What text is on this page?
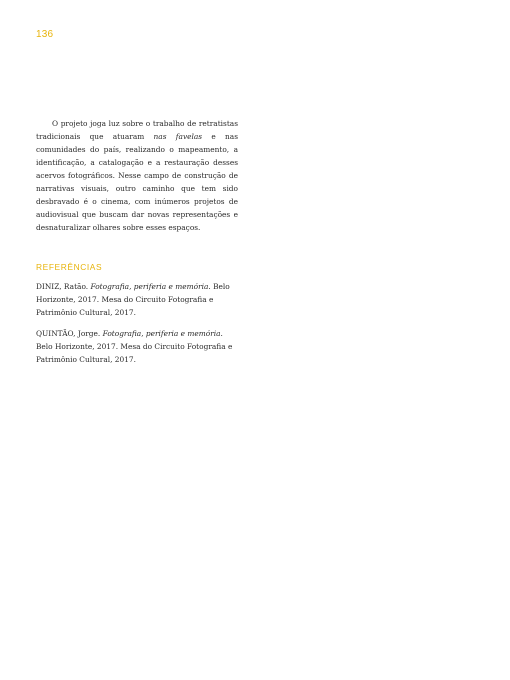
136

O projeto joga luz sobre o trabalho de retratistas tradicionais que atuaram nas favelas e nas comunidades do país, realizando o mapeamento, a identificação, a catalogação e a restauração desses acervos fotográficos. Nesse campo de construção de narrativas visuais, outro caminho que tem sido desbravado é o cinema, com inúmeros projetos de audiovisual que buscam dar novas representações e desnaturalizar olhares sobre esses espaços.

REFERÊNCIAS

DINIZ, Ratão. Fotografia, periferia e memória. Belo Horizonte, 2017. Mesa do Circuito Fotografia e Patrimônio Cultural, 2017.

QUINTÃO, Jorge. Fotografia, periferia e memória. Belo Horizonte, 2017. Mesa do Circuito Fotografia e Patrimônio Cultural, 2017.
